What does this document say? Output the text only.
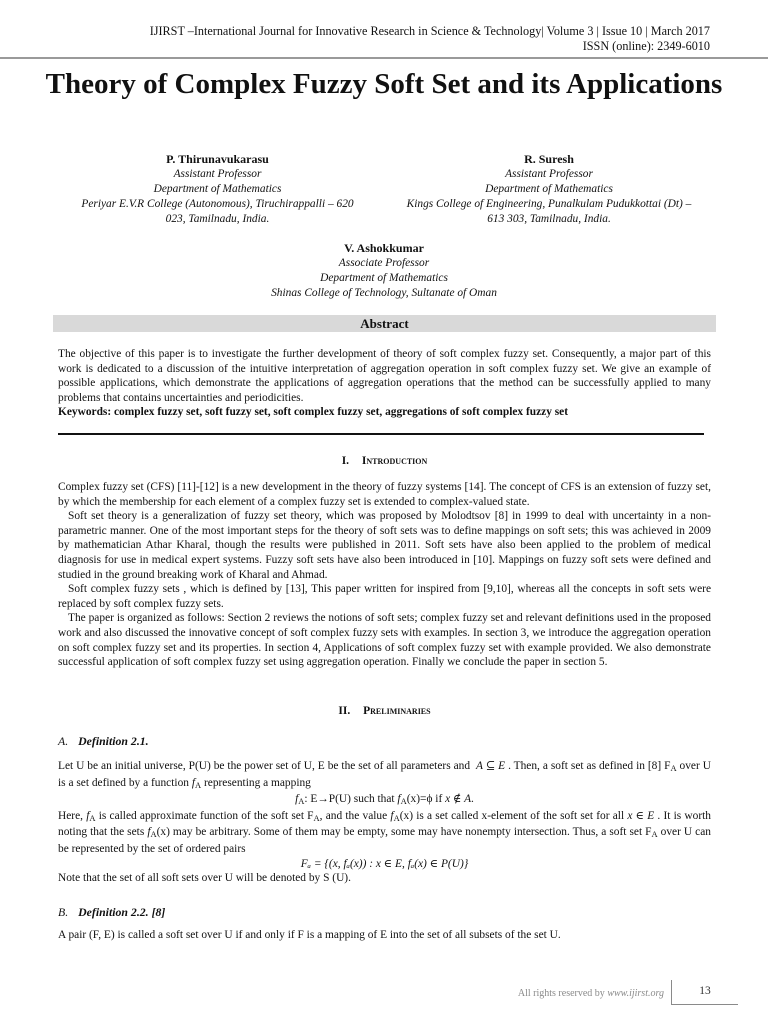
IJIRST –International Journal for Innovative Research in Science & Technology| Volume 3 | Issue 10 | March 2017
ISSN (online): 2349-6010
Theory of Complex Fuzzy Soft Set and its Applications
P. Thirunavukarasu
Assistant Professor
Department of Mathematics
Periyar E.V.R College (Autonomous), Tiruchirappalli – 620
023, Tamilnadu, India.
R. Suresh
Assistant Professor
Department of Mathematics
Kings College of Engineering, Punalkulam Pudukkottai (Dt) –
613 303, Tamilnadu, India.
V. Ashokkumar
Associate Professor
Department of Mathematics
Shinas College of Technology, Sultanate of Oman
Abstract

The objective of this paper is to investigate the further development of theory of soft complex fuzzy set. Consequently, a major part of this work is dedicated to a discussion of the intuitive interpretation of aggregation operation in soft complex fuzzy set. We give an example of possible applications, which demonstrate the applications of aggregation operations that the method can be successfully applied to many problems that contains uncertainties and periodicities.

Keywords: complex fuzzy set, soft fuzzy set, soft complex fuzzy set, aggregations of soft complex fuzzy set

I. Introduction

Complex fuzzy set (CFS) [11]-[12] is a new development in the theory of fuzzy systems [14]. The concept of CFS is an extension of fuzzy set, by which the membership for each element of a complex fuzzy set is extended to complex-valued state.

Soft set theory is a generalization of fuzzy set theory, which was proposed by Molodtsov [8] in 1999 to deal with uncertainty in a non-parametric manner. One of the most important steps for the theory of soft sets was to define mappings on soft sets; this was achieved in 2009 by mathematician Athar Kharal, though the results were published in 2011. Soft sets have also been applied to the problem of medical diagnosis for use in medical expert systems. Fuzzy soft sets have also been introduced in [10]. Mappings on fuzzy soft sets were defined and studied in the ground breaking work of Kharal and Ahmad.

Soft complex fuzzy sets , which is defined by [13], This paper written for inspired from [9,10], whereas all the concepts in soft sets were replaced by soft complex fuzzy sets.

The paper is organized as follows: Section 2 reviews the notions of soft sets; complex fuzzy set and relevant definitions used in the proposed work and also discussed the innovative concept of soft complex fuzzy sets with examples. In section 3, we introduce the aggregation operation on soft complex fuzzy set and its properties. In section 4, Applications of soft complex fuzzy set with example provided. We also demonstrate successful application of soft complex fuzzy set using aggregation operation. Finally we conclude the paper in section 5.

II. Preliminaries
A. Definition 2.1.

Let U be an initial universe, P(U) be the power set of U, E be the set of all parameters and A ⊆ E . Then, a soft set as defined in [8] $F_A$ over U is a set defined by a function $f_A$ representing a mapping

$f_A$: E→P(U) such that $f_A(x)=\phi$ if x ∉ A.

Here, $f_A$ is called approximate function of the soft set $F_A$, and the value $f_A(x)$ is a set called x-element of the soft set for all x ∈ E . It is worth noting that the sets $f_A(x)$ may be arbitrary. Some of them may be empty, some may have nonempty intersection. Thus, a soft set $F_A$ over U can be represented by the set of ordered pairs

Fₐ = {(x, fₐ(x)) : x ∈ E, fₐ(x) ∈ P(U)}

Note that the set of all soft sets over U will be denoted by S (U).

B. Definition 2.2. [8]

A pair (F, E) is called a soft set over U if and only if F is a mapping of E into the set of all subsets of the set U.

All rights reserved by www.ijirst.org	13
